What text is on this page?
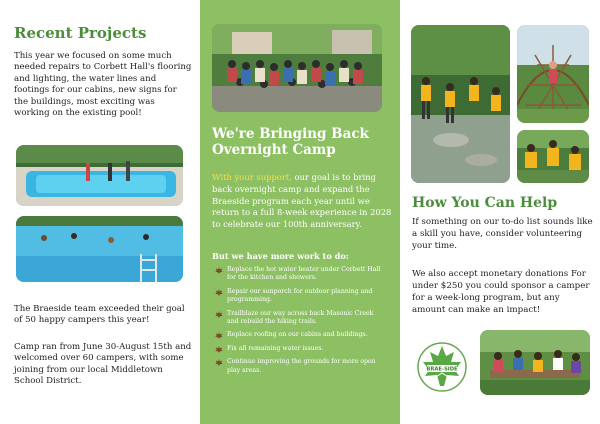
Recent Projects
This year we focused on some much needed repairs to Corbett Hall's flooring and lighting, the water lines and footings for our cabins, new signs for the buildings, most exciting was working on the existing pool!
The Braeside team exceeded their goal of 50 happy campers this year!
Camp ran from June 30-August 15th and welcomed over 60 campers, with some joining from our local Middletown School District.
We're Bringing Back Overnight Camp
With your support, our goal is to bring back overnight camp and expand the Braeside program each year until we return to a full 8-week experience in 2028 to celebrate our 100th anniversary.
But we have more work to do:
Replace the hot water heater under Corbett Hall for the kitchen and showers.
Repair our sunporch for outdoor planning and programming.
Trailblaze our way across back Masonic Creek and rebuild the hiking trails.
Replace roofing on our cabins and buildings.
Fix all remaining water issues.
Continue improving the grounds for more open play areas.
How You Can Help
If something on our to-do list sounds like a skill you have, consider volunteering your time.
We also accept monetary donations For under $250 you could sponsor a camper for a week-long program, but any amount can make an impact!
BRAE-SIDE
